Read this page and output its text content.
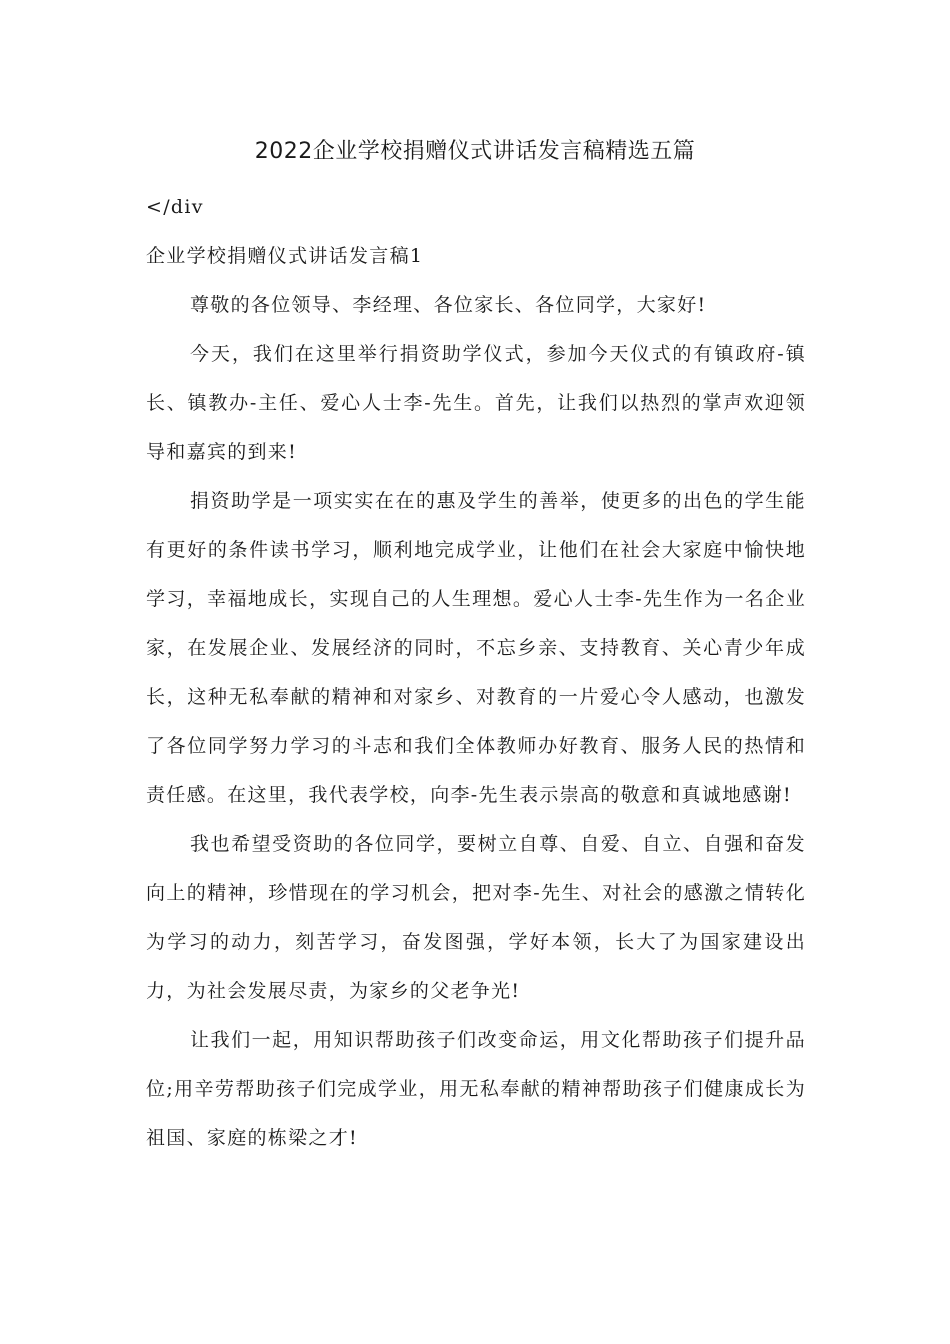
2022企业学校捐赠仪式讲话发言稿精选五篇

</div

企业学校捐赠仪式讲话发言稿1

尊敬的各位领导、李经理、各位家长、各位同学，大家好!

今天，我们在这里举行捐资助学仪式，参加今天仪式的有镇政府-镇长、镇教办-主任、爱心人士李-先生。首先，让我们以热烈的掌声欢迎领导和嘉宾的到来!

捐资助学是一项实实在在的惠及学生的善举，使更多的出色的学生能有更好的条件读书学习，顺利地完成学业，让他们在社会大家庭中愉快地学习，幸福地成长，实现自己的人生理想。爱心人士李-先生作为一名企业家，在发展企业、发展经济的同时，不忘乡亲、支持教育、关心青少年成长，这种无私奉献的精神和对家乡、对教育的一片爱心令人感动，也激发了各位同学努力学习的斗志和我们全体教师办好教育、服务人民的热情和责任感。在这里，我代表学校，向李-先生表示崇高的敬意和真诚地感谢!

我也希望受资助的各位同学，要树立自尊、自爱、自立、自强和奋发向上的精神，珍惜现在的学习机会，把对李-先生、对社会的感激之情转化为学习的动力，刻苦学习，奋发图强，学好本领，长大了为国家建设出力，为社会发展尽责，为家乡的父老争光!

让我们一起，用知识帮助孩子们改变命运，用文化帮助孩子们提升品位;用辛劳帮助孩子们完成学业，用无私奉献的精神帮助孩子们健康成长为祖国、家庭的栋梁之才!
